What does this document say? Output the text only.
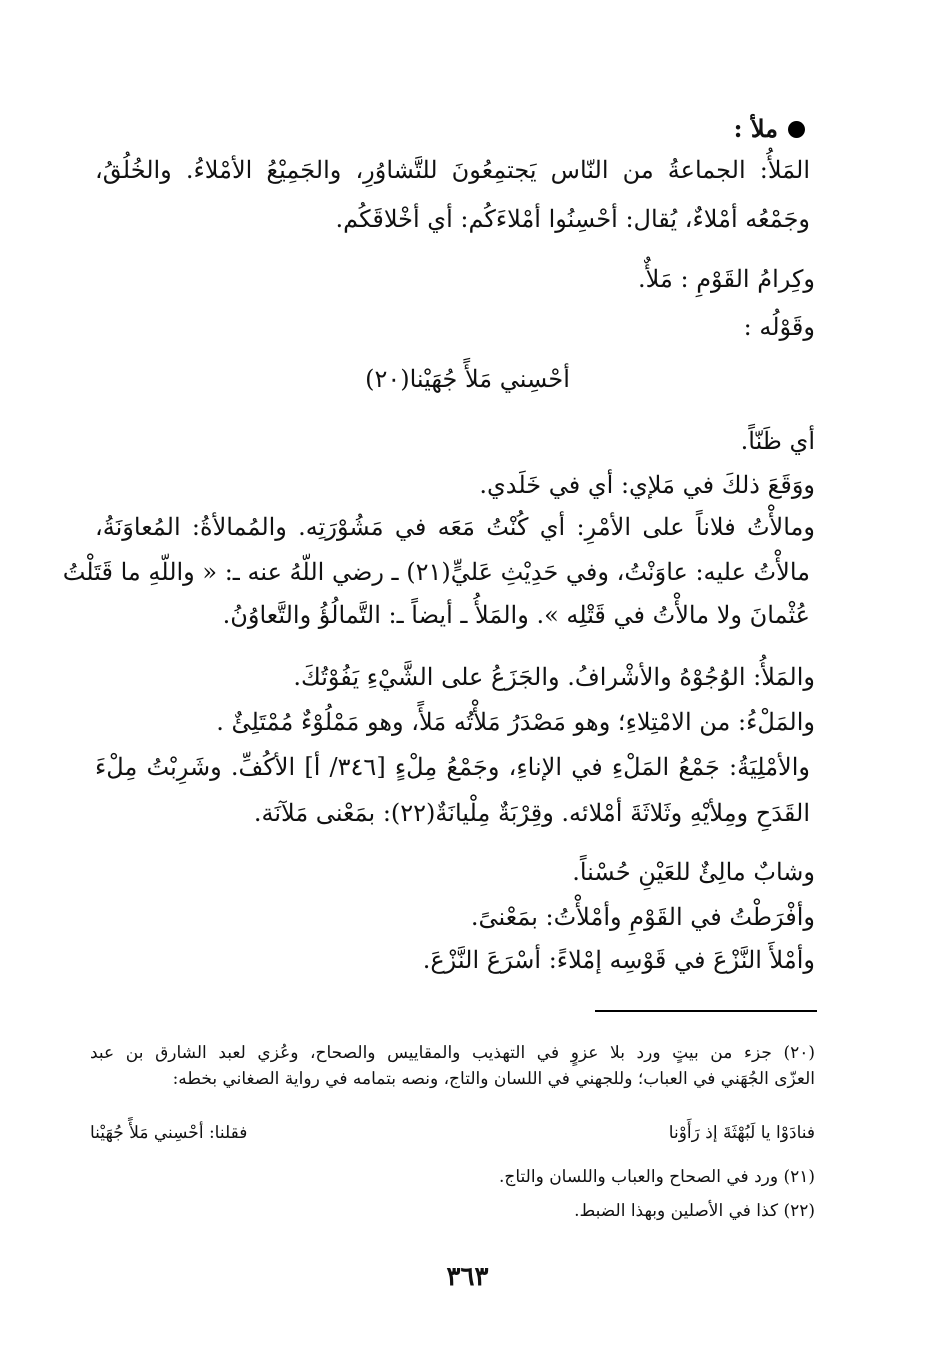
ملأ :
المَلأُ: الجماعةُ من النّاس يَجتمِعُونَ للتَّشاوُرِ، والجَمِيْعُ الأمْلاءُ. والخُلُقُ،
وجَمْعُه أمْلاءٌ، يُقال: أحْسِنُوا أمْلاءَكُم: أي أخْلاقَكُم.
وكِرامُ القَوْمِ : مَلأٌ.
وقَوْلُه :
أحْسِني مَلأً جُهَيْنا(٢٠)
أي ظَنّاً.
ووَقَعَ ذلكَ في مَلإي: أي في خَلَدي.
ومالأْتُ فلاناً على الأمْرِ: أي كُنْتُ مَعَه في مَشُوْرَتِه. والمُمالأةُ: المُعاوَنَةُ،
مالأْتُ عليه: عاوَنْتُ، وفي حَدِيْثِ عَليٍّ(٢١) ـ رضي اللّهُ عنه ـ: « واللّهِ ما قَتَلْتُ
عُثْمانَ ولا مالأْتُ في قَتْلِه ». والمَلأُ ـ أيضاً ـ: التَّمالُؤُ والتَّعاوُنُ.
والمَلأُ: الوُجُوْهُ والأشْرافُ. والجَزَعُ على الشَّيْءِ يَفُوْتُكَ.
والمَلْءُ: من الامْتِلاءِ؛ وهو مَصْدَرُ مَلأْتُه مَلأً، وهو مَمْلُوْءٌ مُمْتَلِئٌ .
والأمْلِيَةُ: جَمْعُ المَلْءِ في الإناءِ، وجَمْعُ مِلْءٍ [٣٤٦/ أ] الأكُفِّ. وشَرِبْتُ مِلْءَ
القَدَحِ ومِلأيْهِ وثَلاثَةَ أمْلائه. وقِرْبَةٌ مِلْيانَةٌ(٢٢): بمَعْنى مَلآنَة.
وشابٌ مالِئٌ للعَيْنِ حُسْناً.
وأفْرَطْتُ في القَوْمِ وأمْلأْتُ: بمَعْنىً.
وأمْلأَ النَّزْعَ في قَوْسِه إمْلاءً: أسْرَعَ النَّزْعَ.
(٢٠) جزء من بيتٍ ورد بلا عزوٍ في التهذيب والمقاييس والصحاح، وعُزي لعبد الشارق بن عبد
العزّى الجُهَني في العباب؛ وللجهني في اللسان والتاج، ونصه بتمامه في رواية الصغاني بخطه:
فنادَوْا يا لَبُهْثَةَ إذ رَأَوْنا
فقلنا: أحْسِني مَلأً جُهَيْنا
(٢١) ورد في الصحاح والعباب واللسان والتاج.
(٢٢) كذا في الأصلين وبهذا الضبط.
٣٦٣
